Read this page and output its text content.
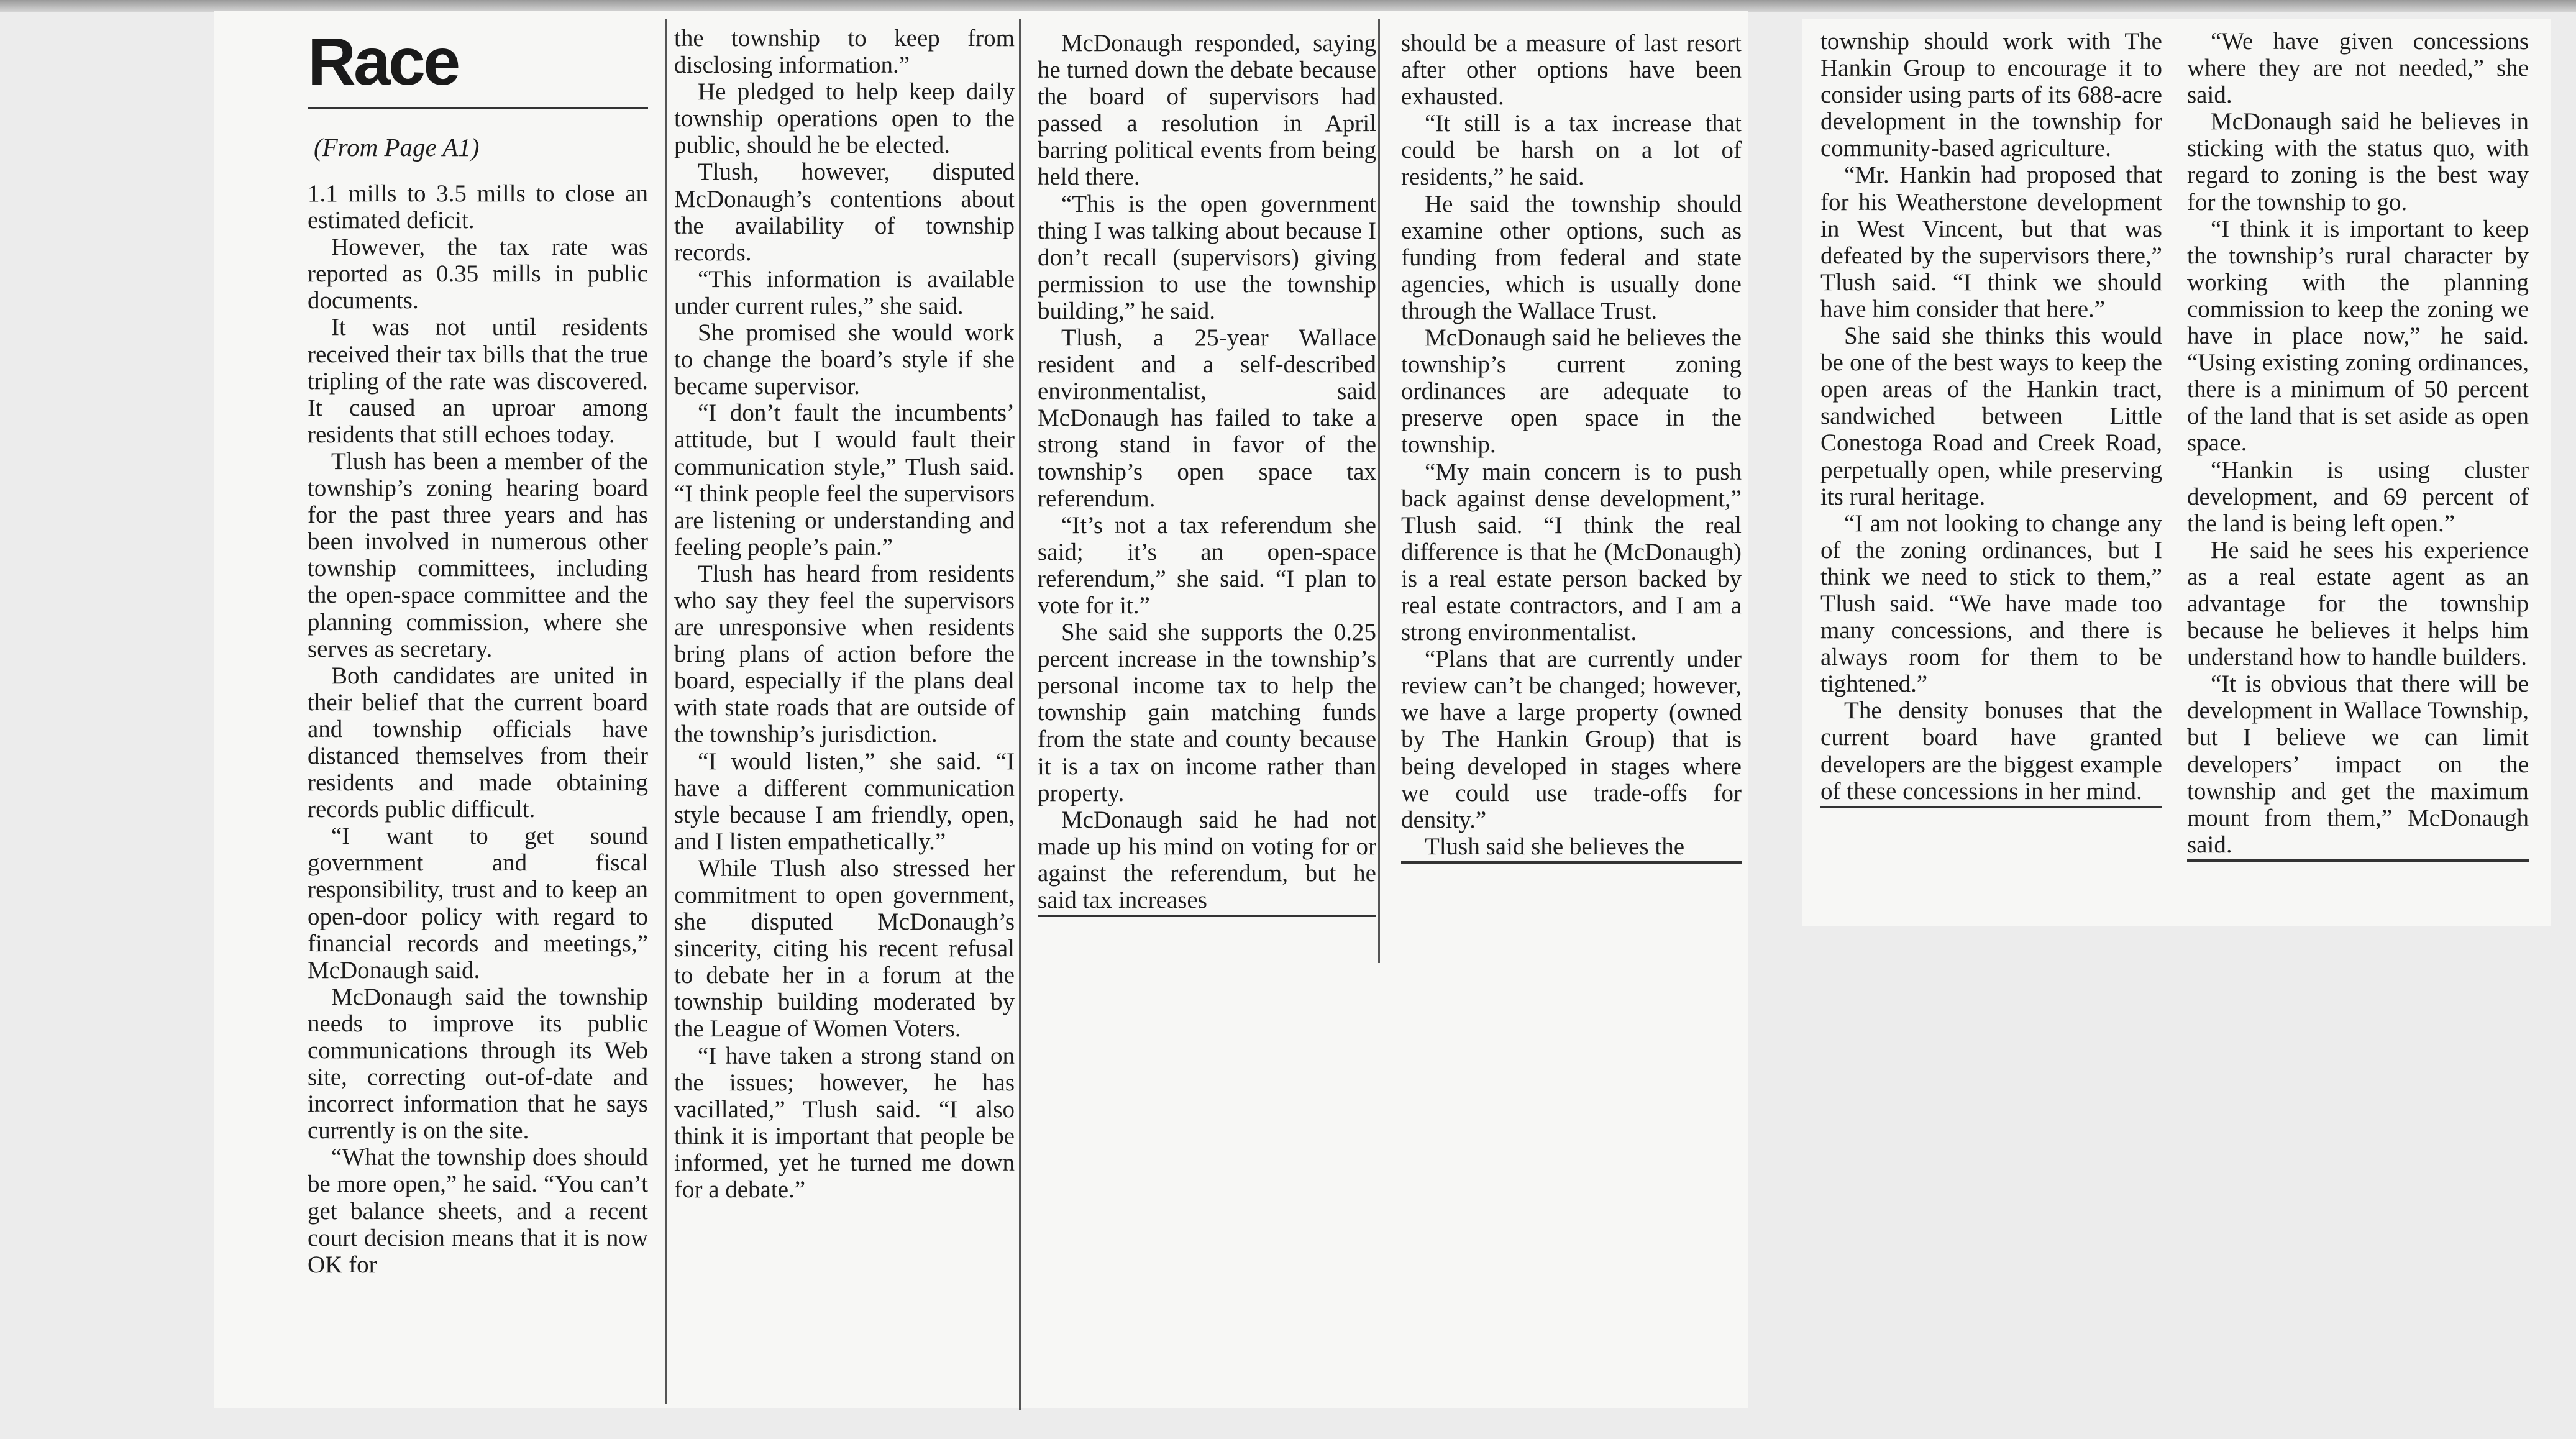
Race
(From Page A1)

1.1 mills to 3.5 mills to close an estimated deficit.

However, the tax rate was reported as 0.35 mills in public documents.

It was not until residents received their tax bills that the true tripling of the rate was discovered. It caused an uproar among residents that still echoes today.

Tlush has been a member of the township’s zoning hearing board for the past three years and has been involved in numerous other township committees, including the open-space committee and the planning commission, where she serves as secretary.

Both candidates are united in their belief that the current board and township officials have distanced themselves from their residents and made obtaining records public difficult.

“I want to get sound government and fiscal responsibility, trust and to keep an open-door policy with regard to financial records and meetings,” McDonaugh said.

McDonaugh said the township needs to improve its public communications through its Web site, correcting out-of-date and incorrect information that he says currently is on the site.

“What the township does should be more open,” he said. “You can’t get balance sheets, and a recent court decision means that it is now OK for

the township to keep from disclosing information.”

He pledged to help keep daily township operations open to the public, should he be elected.

Tlush, however, disputed McDonaugh’s contentions about the availability of township records.

“This information is available under current rules,” she said.

She promised she would work to change the board’s style if she became supervisor.

“I don’t fault the incumbents’ attitude, but I would fault their communication style,” Tlush said. “I think people feel the supervisors are listening or understanding and feeling people’s pain.”

Tlush has heard from residents who say they feel the supervisors are unresponsive when residents bring plans of action before the board, especially if the plans deal with state roads that are outside of the township’s jurisdiction.

“I would listen,” she said. “I have a different communication style because I am friendly, open, and I listen empathetically.”

While Tlush also stressed her commitment to open government, she disputed McDonaugh’s sincerity, citing his recent refusal to debate her in a forum at the township building moderated by the League of Women Voters.

“I have taken a strong stand on the issues; however, he has vacillated,” Tlush said. “I also think it is important that people be informed, yet he turned me down for a debate.”

McDonaugh responded, saying he turned down the debate because the board of supervisors had passed a resolution in April barring political events from being held there.

“This is the open government thing I was talking about because I don’t recall (supervisors) giving permission to use the township building,” he said.

Tlush, a 25-year Wallace resident and a self-described environmentalist, said McDonaugh has failed to take a strong stand in favor of the township’s open space tax referendum.

“It’s not a tax referendum she said; it’s an open-space referendum,” she said. “I plan to vote for it.”

She said she supports the 0.25 percent increase in the township’s personal income tax to help the township gain matching funds from the state and county because it is a tax on income rather than property.

McDonaugh said he had not made up his mind on voting for or against the referendum, but he said tax increases

should be a measure of last resort after other options have been exhausted.

“It still is a tax increase that could be harsh on a lot of residents,” he said.

He said the township should examine other options, such as funding from federal and state agencies, which is usually done through the Wallace Trust.

McDonaugh said he believes the township’s current zoning ordinances are adequate to preserve open space in the township.

“My main concern is to push back against dense development,” Tlush said. “I think the real difference is that he (McDonaugh) is a real estate person backed by real estate contractors, and I am a strong environmentalist.

“Plans that are currently under review can’t be changed; however, we have a large property (owned by The Hankin Group) that is being developed in stages where we could use trade-offs for density.”

Tlush said she believes the

township should work with The Hankin Group to encourage it to consider using parts of its 688-acre development in the township for community-based agriculture.

“Mr. Hankin had proposed that for his Weatherstone development in West Vincent, but that was defeated by the supervisors there,” Tlush said. “I think we should have him consider that here.”

She said she thinks this would be one of the best ways to keep the open areas of the Hankin tract, sandwiched between Little Conestoga Road and Creek Road, perpetually open, while preserving its rural heritage.

“I am not looking to change any of the zoning ordinances, but I think we need to stick to them,” Tlush said. “We have made too many concessions, and there is always room for them to be tightened.”

The density bonuses that the current board have granted developers are the biggest example of these concessions in her mind.

“We have given concessions where they are not needed,” she said.

McDonaugh said he believes in sticking with the status quo, with regard to zoning is the best way for the township to go.

“I think it is important to keep the township’s rural character by working with the planning commission to keep the zoning we have in place now,” he said. “Using existing zoning ordinances, there is a minimum of 50 percent of the land that is set aside as open space.

“Hankin is using cluster development, and 69 percent of the land is being left open.”

He said he sees his experience as a real estate agent as an advantage for the township because he believes it helps him understand how to handle builders.

“It is obvious that there will be development in Wallace Township, but I believe we can limit developers’ impact on the township and get the maximum mount from them,” McDonaugh said.
